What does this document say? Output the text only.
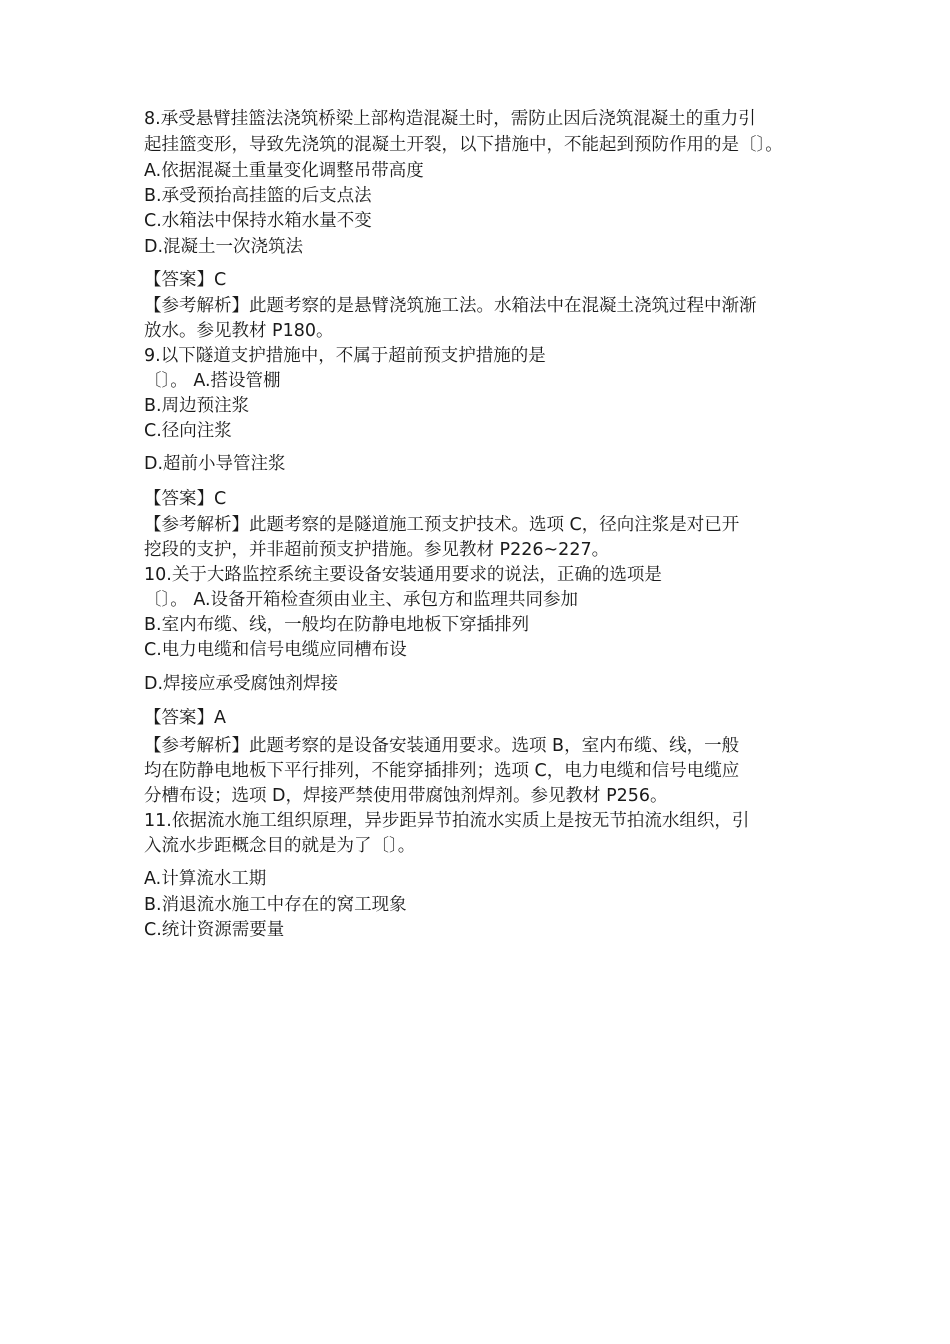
8.承受悬臂挂篮法浇筑桥梁上部构造混凝土时，需防止因后浇筑混凝土的重力引
起挂篮变形，导致先浇筑的混凝土开裂，以下措施中，不能起到预防作用的是〔〕。
A.依据混凝土重量变化调整吊带高度
B.承受预抬高挂篮的后支点法
C.水箱法中保持水箱水量不变
D.混凝土一次浇筑法
【答案】C
【参考解析】此题考察的是悬臂浇筑施工法。水箱法中在混凝土浇筑过程中渐渐
放水。参见教材 P180。
9.以下隧道支护措施中，不属于超前预支护措施的是
〔〕。 A.搭设管棚
B.周边预注浆
C.径向注浆
D.超前小导管注浆
【答案】C
【参考解析】此题考察的是隧道施工预支护技术。选项 C，径向注浆是对已开
挖段的支护，并非超前预支护措施。参见教材 P226~227。
10.关于大路监控系统主要设备安装通用要求的说法，正确的选项是
〔〕。 A.设备开箱检查须由业主、承包方和监理共同参加
B.室内布缆、线，一般均在防静电地板下穿插排列
C.电力电缆和信号电缆应同槽布设
D.焊接应承受腐蚀剂焊接
【答案】A
【参考解析】此题考察的是设备安装通用要求。选项 B，室内布缆、线，一般
均在防静电地板下平行排列，不能穿插排列；选项 C，电力电缆和信号电缆应
分槽布设；选项 D，焊接严禁使用带腐蚀剂焊剂。参见教材 P256。
11.依据流水施工组织原理，异步距异节拍流水实质上是按无节拍流水组织，引
入流水步距概念目的就是为了〔〕。
A.计算流水工期
B.消退流水施工中存在的窝工现象
C.统计资源需要量
